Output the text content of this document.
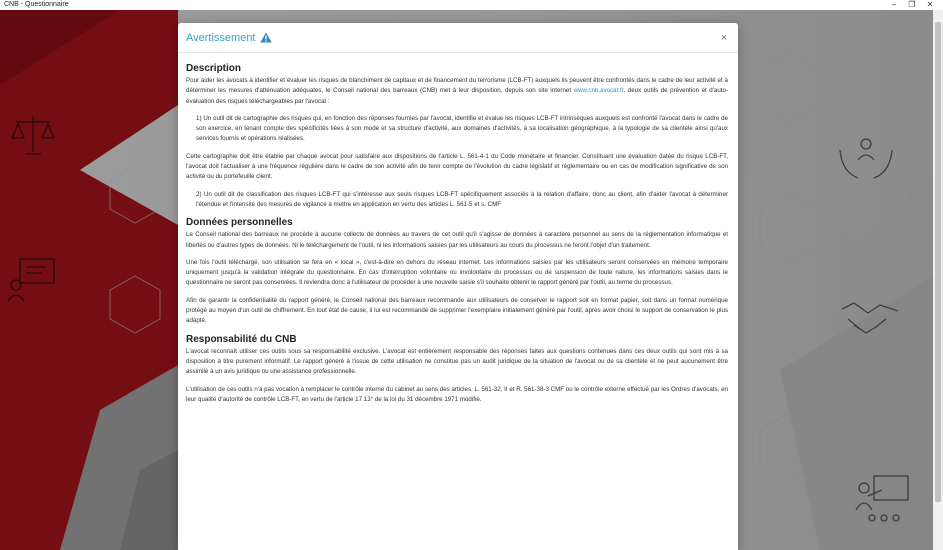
CNB - Questionnaire	–	❐	✕
Avertissement	×
Description

Pour aider les avocats à identifier et évaluer les risques de blanchiment de capitaux et de financement du terrorisme (LCB-FT) auxquels ils peuvent être confrontés dans le cadre de leur activité et à déterminer les mesures d'atténuation adéquates, le Conseil national des barreaux (CNB) met à leur disposition, depuis son site internet www.cnb.avocat.fr, deux outils de prévention et d'auto-évaluation des risques téléchargeables par l'avocat :

1) Un outil dit de cartographie des risques qui, en fonction des réponses fournies par l'avocat, identifie et évalue les risques LCB-FT intrinsèques auxquels est confronté l'avocat dans le cadre de son exercice, en tenant compte des spécificités liées à son mode et sa structure d'activité, aux domaines d'activités, à sa localisation géographique, à la typologie de sa clientèle ainsi qu'aux services fournis et opérations réalisées.

Cette cartographie doit être établie par chaque avocat pour satisfaire aux dispositions de l'article L. 561-4-1 du Code monétaire et financier. Constituant une évaluation datée du risque LCB-FT, l'avocat doit l'actualiser à une fréquence régulière dans le cadre de son activité afin de tenir compte de l'évolution du cadre législatif et réglementaire ou en cas de modification significative de son activité ou du portefeuille client.

2) Un outil dit de classification des risques LCB-FT qui s'intéresse aux seuls risques LCB-FT spécifiquement associés à la relation d'affaire, donc au client, afin d'aider l'avocat à déterminer l'étendue et l'intensité des mesures de vigilance à mettre en application en vertu des articles L. 561-5 et s. CMF

Données personnelles

Le Conseil national des barreaux ne procède à aucune collecte de données au travers de cet outil qu'il s'agisse de données à caractère personnel au sens de la réglementation informatique et libertés ou d'autres types de données. Ni le téléchargement de l'outil, ni les informations saisies par les utilisateurs au cours du processus ne feront l'objet d'un traitement.

Une fois l'outil téléchargé, son utilisation se fera en « local », c'est-à-dire en dehors du réseau internet. Les informations saisies par les utilisateurs seront conservées en mémoire temporaire uniquement jusqu'à la validation intégrale du questionnaire. En cas d'interruption volontaire ou involontaire du processus ou de suspension de toute nature, les informations saisies dans le questionnaire ne seront pas conservées. Il reviendra donc à l'utilisateur de procéder à une nouvelle saisie s'il souhaite obtenir le rapport généré par l'outil, au terme du processus.

Afin de garantir la confidentialité du rapport généré, le Conseil national des barreaux recommande aux utilisateurs de conserver le rapport soit en format papier, soit dans un format numérique protégé au moyen d'un outil de chiffrement. En tout état de cause, il lui est recommandé de supprimer l'exemplaire initialement généré par l'outil, après avoir choisi le support de conservation le plus adapté.

Responsabilité du CNB

L'avocat reconnaît utiliser ces outils sous sa responsabilité exclusive. L'avocat est entièrement responsable des réponses faites aux questions contenues dans ces deux outils qui sont mis à sa disposition à titre purement informatif. Le rapport généré à l'issue de cette utilisation ne constitue pas un audit juridique de la situation de l'avocat ou de sa clientèle et ne peut aucunement être assimilé à un avis juridique ou une assistance professionnelle.

L'utilisation de ces outils n'a pas vocation à remplacer le contrôle interne du cabinet au sens des articles. L. 561-32, II et R. 561-38-3 CMF ou le contrôle externe effectué par les Ordres d'avocats, en leur qualité d'autorité de contrôle LCB-FT, en vertu de l'article 17 13° de la loi du 31 décembre 1971 modifié.
